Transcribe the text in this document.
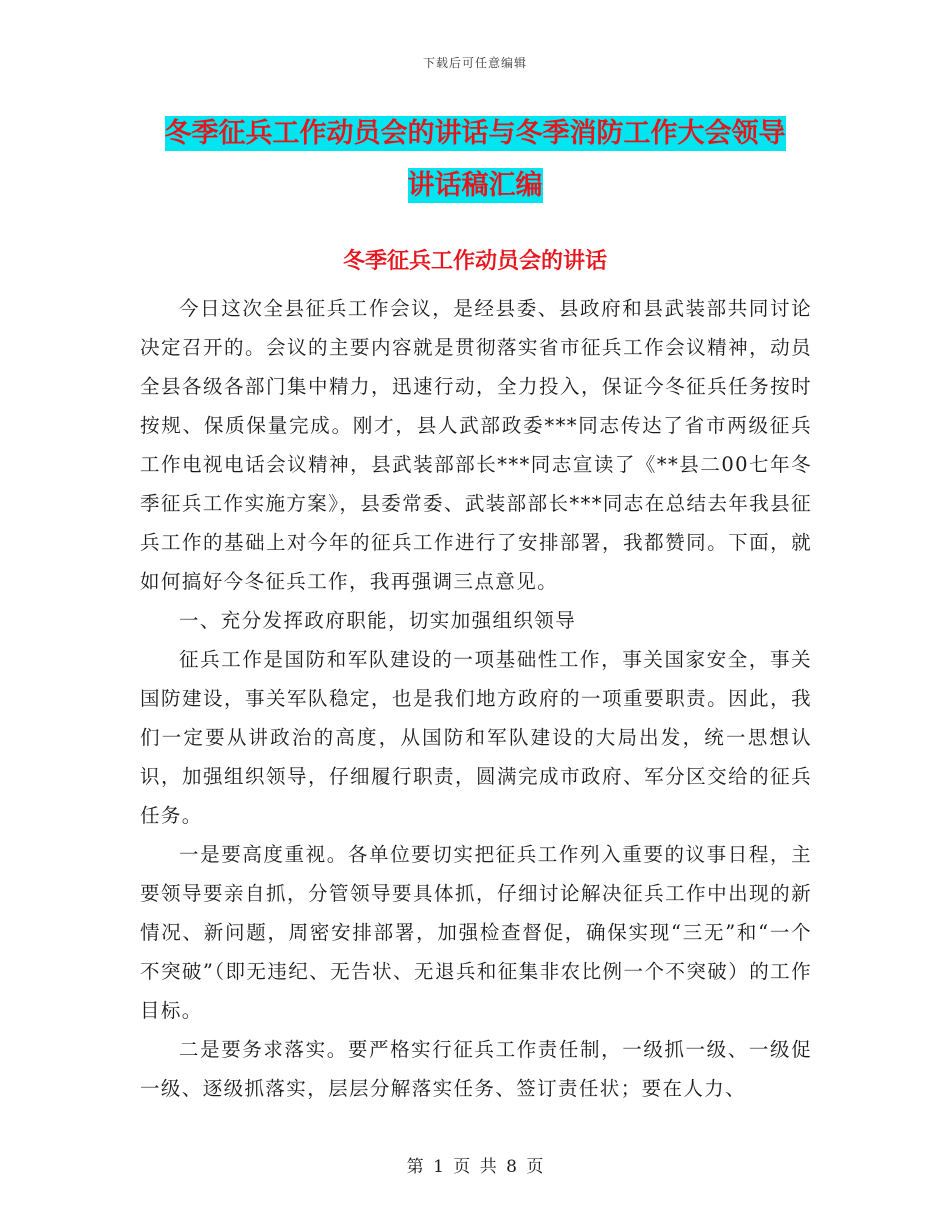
下载后可任意编辑
冬季征兵工作动员会的讲话与冬季消防工作大会领导
讲话稿汇编
冬季征兵工作动员会的讲话

今日这次全县征兵工作会议，是经县委、县政府和县武装部共同讨论决定召开的。会议的主要内容就是贯彻落实省市征兵工作会议精神，动员全县各级各部门集中精力，迅速行动，全力投入，保证今冬征兵任务按时按规、保质保量完成。刚才，县人武部政委***同志传达了省市两级征兵工作电视电话会议精神，县武装部部长***同志宣读了《**县二00七年冬季征兵工作实施方案》，县委常委、武装部部长***同志在总结去年我县征兵工作的基础上对今年的征兵工作进行了安排部署，我都赞同。下面，就如何搞好今冬征兵工作，我再强调三点意见。

一、充分发挥政府职能，切实加强组织领导

征兵工作是国防和军队建设的一项基础性工作，事关国家安全，事关国防建设，事关军队稳定，也是我们地方政府的一项重要职责。因此，我们一定要从讲政治的高度，从国防和军队建设的大局出发，统一思想认识，加强组织领导，仔细履行职责，圆满完成市政府、军分区交给的征兵任务。

一是要高度重视。各单位要切实把征兵工作列入重要的议事日程，主要领导要亲自抓，分管领导要具体抓，仔细讨论解决征兵工作中出现的新情况、新问题，周密安排部署，加强检查督促，确保实现“三无”和“一个不突破”（即无违纪、无告状、无退兵和征集非农比例一个不突破）的工作目标。

二是要务求落实。要严格实行征兵工作责任制，一级抓一级、一级促一级、逐级抓落实，层层分解落实任务、签订责任状；要在人力、

第 1 页 共 8 页
